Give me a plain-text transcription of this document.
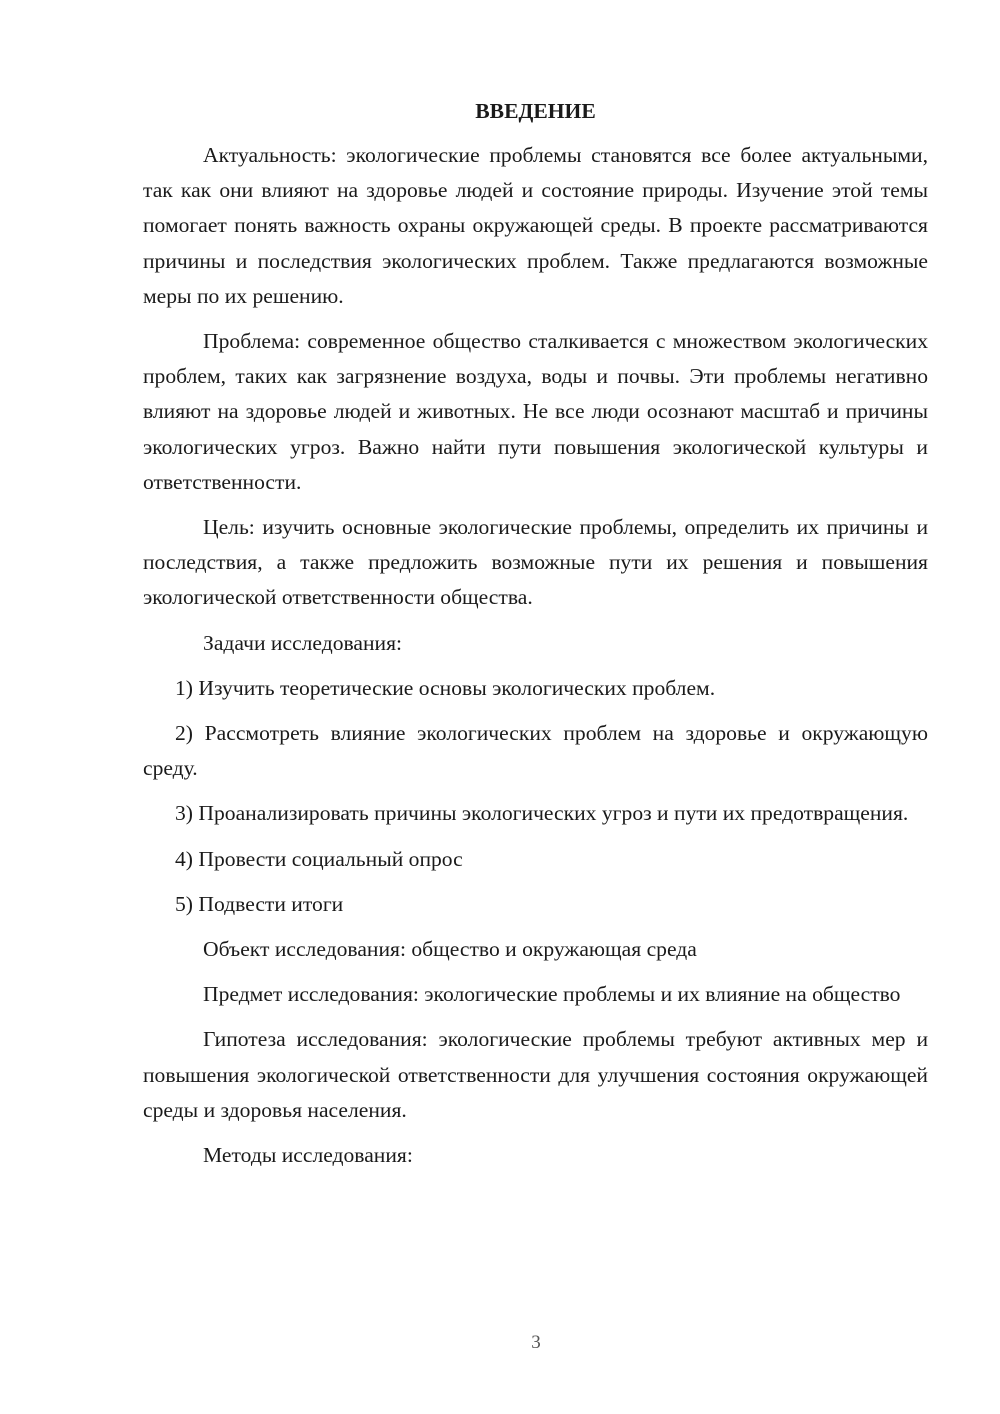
ВВЕДЕНИЕ

Актуальность: экологические проблемы становятся все более актуальными, так как они влияют на здоровье людей и состояние природы. Изучение этой темы помогает понять важность охраны окружающей среды. В проекте рассматриваются причины и последствия экологических проблем. Также предлагаются возможные меры по их решению.

Проблема: современное общество сталкивается с множеством экологических проблем, таких как загрязнение воздуха, воды и почвы. Эти проблемы негативно влияют на здоровье людей и животных. Не все люди осознают масштаб и причины экологических угроз. Важно найти пути повышения экологической культуры и ответственности.

Цель: изучить основные экологические проблемы, определить их причины и последствия, а также предложить возможные пути их решения и повышения экологической ответственности общества.

Задачи исследования:

1) Изучить теоретические основы экологических проблем.

2) Рассмотреть влияние экологических проблем на здоровье и окружающую среду.

3) Проанализировать причины экологических угроз и пути их предотвращения.

4) Провести социальный опрос

5) Подвести итоги

Объект исследования: общество и окружающая среда

Предмет исследования: экологические проблемы и их влияние на общество

Гипотеза исследования: экологические проблемы требуют активных мер и повышения экологической ответственности для улучшения состояния окружающей среды и здоровья населения.

Методы исследования:

3
